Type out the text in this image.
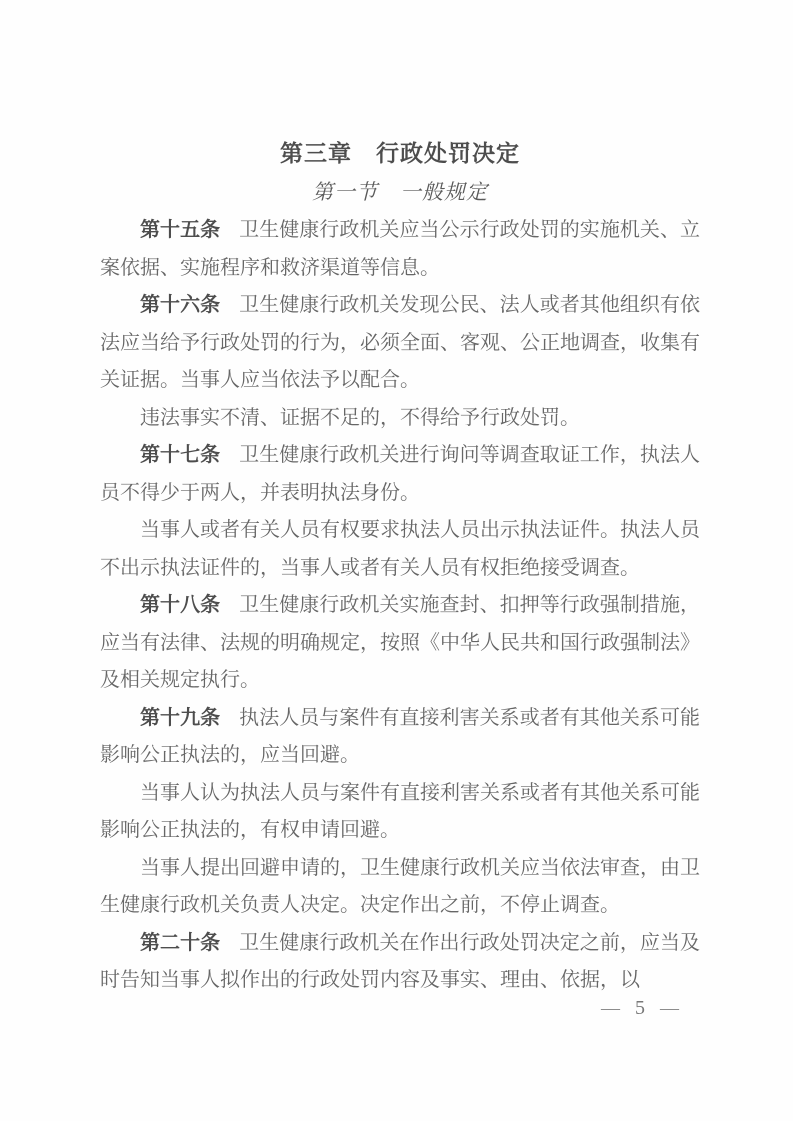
第三章　行政处罚决定
第一节　一般规定

第十五条 卫生健康行政机关应当公示行政处罚的实施机关、立案依据、实施程序和救济渠道等信息。

第十六条 卫生健康行政机关发现公民、法人或者其他组织有依法应当给予行政处罚的行为，必须全面、客观、公正地调查，收集有关证据。当事人应当依法予以配合。

违法事实不清、证据不足的，不得给予行政处罚。

第十七条 卫生健康行政机关进行询问等调查取证工作，执法人员不得少于两人，并表明执法身份。

当事人或者有关人员有权要求执法人员出示执法证件。执法人员不出示执法证件的，当事人或者有关人员有权拒绝接受调查。

第十八条 卫生健康行政机关实施查封、扣押等行政强制措施，应当有法律、法规的明确规定，按照《中华人民共和国行政强制法》及相关规定执行。

第十九条 执法人员与案件有直接利害关系或者有其他关系可能影响公正执法的，应当回避。

当事人认为执法人员与案件有直接利害关系或者有其他关系可能影响公正执法的，有权申请回避。

当事人提出回避申请的，卫生健康行政机关应当依法审查，由卫生健康行政机关负责人决定。决定作出之前，不停止调查。

第二十条 卫生健康行政机关在作出行政处罚决定之前，应当及时告知当事人拟作出的行政处罚内容及事实、理由、依据，以

— 5 —
